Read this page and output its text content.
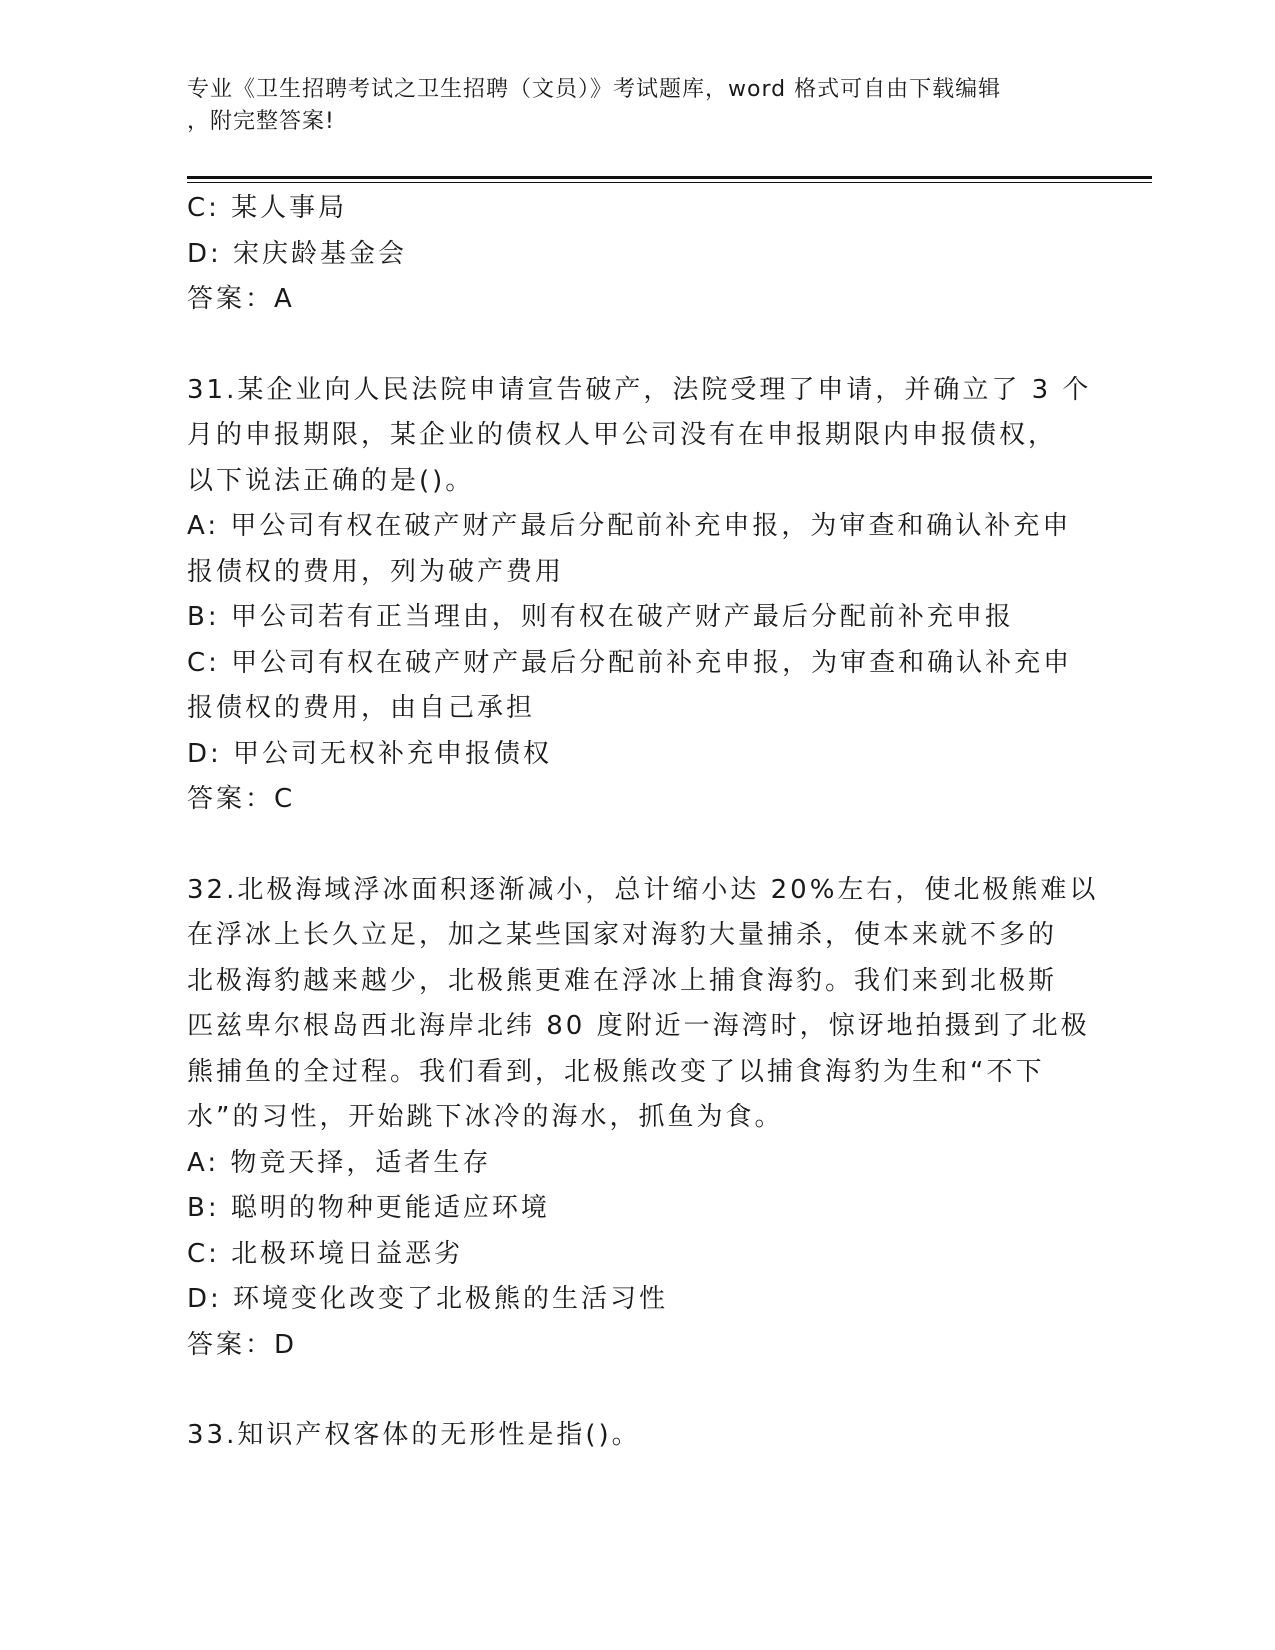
专业《卫生招聘考试之卫生招聘（文员）》考试题库，word 格式可自由下载编辑
，附完整答案!
C: 某人事局
D: 宋庆龄基金会
答案：A
31.某企业向人民法院申请宣告破产，法院受理了申请，并确立了 3 个
月的申报期限，某企业的债权人甲公司没有在申报期限内申报债权，
以下说法正确的是()。
A: 甲公司有权在破产财产最后分配前补充申报，为审查和确认补充申
报债权的费用，列为破产费用
B: 甲公司若有正当理由，则有权在破产财产最后分配前补充申报
C: 甲公司有权在破产财产最后分配前补充申报，为审查和确认补充申
报债权的费用，由自己承担
D: 甲公司无权补充申报债权
答案：C
32.北极海域浮冰面积逐渐减小，总计缩小达 20%左右，使北极熊难以
在浮冰上长久立足，加之某些国家对海豹大量捕杀，使本来就不多的
北极海豹越来越少，北极熊更难在浮冰上捕食海豹。我们来到北极斯
匹兹卑尔根岛西北海岸北纬 80 度附近一海湾时，惊讶地拍摄到了北极
熊捕鱼的全过程。我们看到，北极熊改变了以捕食海豹为生和“不下
水”的习性，开始跳下冰冷的海水，抓鱼为食。
A: 物竞天择，适者生存
B: 聪明的物种更能适应环境
C: 北极环境日益恶劣
D: 环境变化改变了北极熊的生活习性
答案：D
33.知识产权客体的无形性是指()。
